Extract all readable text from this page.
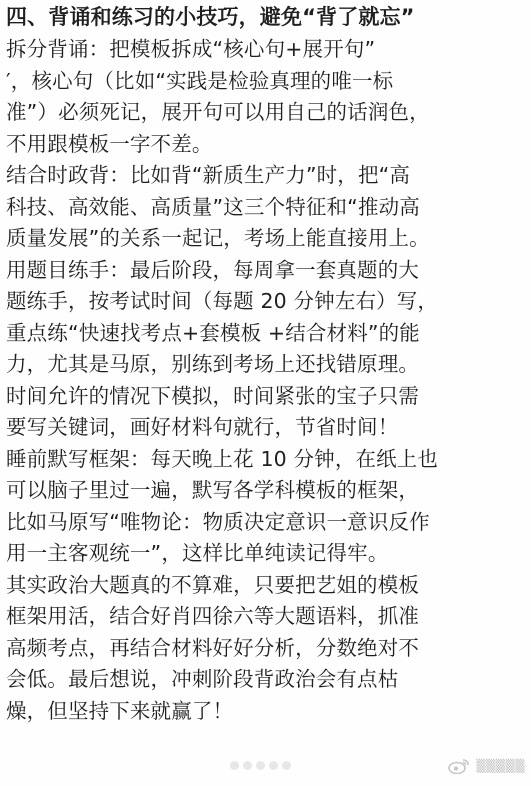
四、背诵和练习的小技巧，避免“背了就忘”
拆分背诵：把模板拆成“核心句+展开句”
′，核心句（比如“实践是检验真理的唯一标
准”）必须死记，展开句可以用自己的话润色，
不用跟模板一字不差。
结合时政背：比如背“新质生产力”时，把“高
科技、高效能、高质量”这三个特征和“推动高
质量发展”的关系一起记，考场上能直接用上。
用题目练手：最后阶段，每周拿一套真题的大
题练手，按考试时间（每题 20 分钟左右）写，
重点练“快速找考点+套模板 +结合材料”的能
力，尤其是马原，别练到考场上还找错原理。
时间允许的情况下模拟，时间紧张的宝子只需
要写关键词，画好材料句就行，节省时间！
睡前默写框架：每天晚上花 10 分钟，在纸上也
可以脑子里过一遍，默写各学科模板的框架，
比如马原写“唯物论：物质决定意识一意识反作
用一主客观统一”，这样比单纯读记得牢。
其实政治大题真的不算难，只要把艺姐的模板
框架用活，结合好肖四徐六等大题语料，抓准
高频考点，再结合材料好好分析，分数绝对不
会低。最后想说，冲刺阶段背政治会有点枯
燥，但坚持下来就赢了！
▒▒▒▒▒
